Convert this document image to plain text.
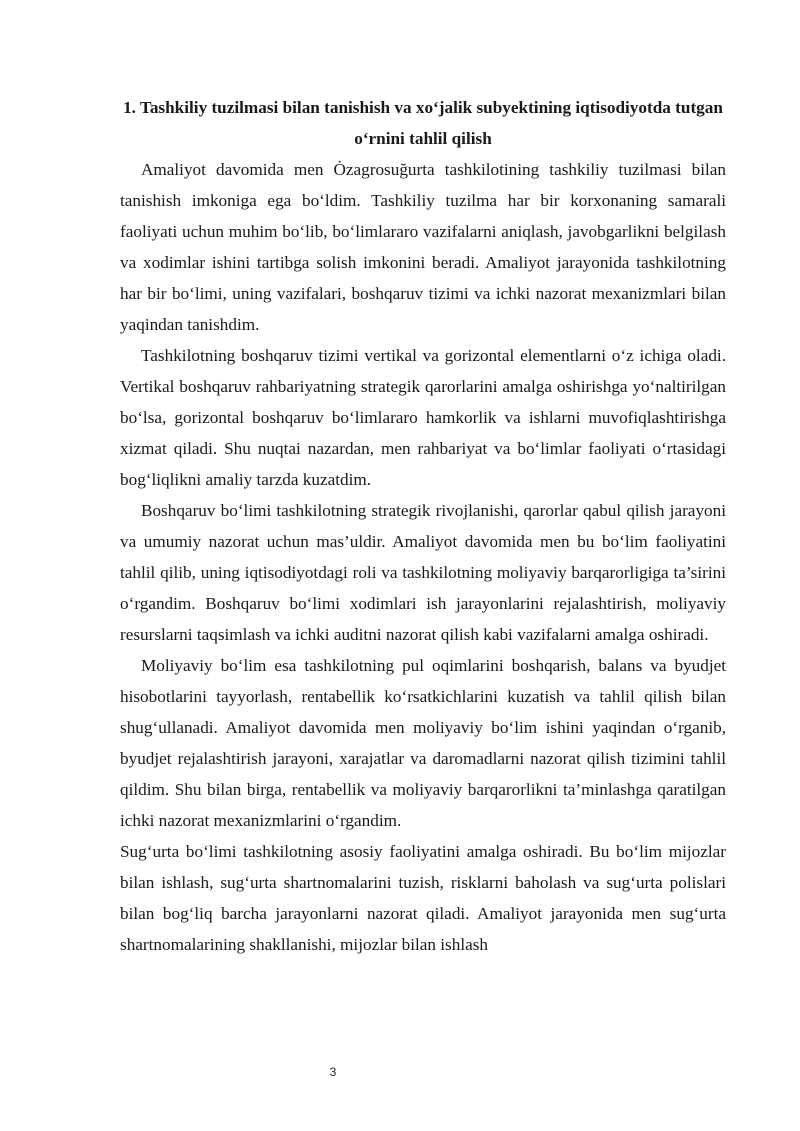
1. Tashkiliy tuzilmasi bilan tanishish va xo‘jalik subyektining iqtisodiyotda tutgan o‘rnini tahlil qilish

Amaliyot davomida men Ȯzagrosuğurta tashkilotining tashkiliy tuzilmasi bilan tanishish imkoniga ega bo‘ldim. Tashkiliy tuzilma har bir korxonaning samarali faoliyati uchun muhim bo‘lib, bo‘limlararo vazifalarni aniqlash, javobgarlikni belgilash va xodimlar ishini tartibga solish imkonini beradi. Amaliyot jarayonida tashkilotning har bir bo‘limi, uning vazifalari, boshqaruv tizimi va ichki nazorat mexanizmlari bilan yaqindan tanishdim.

Tashkilotning boshqaruv tizimi vertikal va gorizontal elementlarni o‘z ichiga oladi. Vertikal boshqaruv rahbariyatning strategik qarorlarini amalga oshirishga yo‘naltirilgan bo‘lsa, gorizontal boshqaruv bo‘limlararo hamkorlik va ishlarni muvofiqlashtirishga xizmat qiladi. Shu nuqtai nazardan, men rahbariyat va bo‘limlar faoliyati o‘rtasidagi bog‘liqlikni amaliy tarzda kuzatdim.

Boshqaruv bo‘limi tashkilotning strategik rivojlanishi, qarorlar qabul qilish jarayoni va umumiy nazorat uchun mas’uldir. Amaliyot davomida men bu bo‘lim faoliyatini tahlil qilib, uning iqtisodiyotdagi roli va tashkilotning moliyaviy barqarorligiga ta’sirini o‘rgandim. Boshqaruv bo‘limi xodimlari ish jarayonlarini rejalashtirish, moliyaviy resurslarni taqsimlash va ichki auditni nazorat qilish kabi vazifalarni amalga oshiradi.

Moliyaviy bo‘lim esa tashkilotning pul oqimlarini boshqarish, balans va byudjet hisobotlarini tayyorlash, rentabellik ko‘rsatkichlarini kuzatish va tahlil qilish bilan shug‘ullanadi. Amaliyot davomida men moliyaviy bo‘lim ishini yaqindan o‘rganib, byudjet rejalashtirish jarayoni, xarajatlar va daromadlarni nazorat qilish tizimini tahlil qildim. Shu bilan birga, rentabellik va moliyaviy barqarorlikni ta’minlashga qaratilgan ichki nazorat mexanizmlarini o‘rgandim.

Sug‘urta bo‘limi tashkilotning asosiy faoliyatini amalga oshiradi. Bu bo‘lim mijozlar bilan ishlash, sug‘urta shartnomalarini tuzish, risklarni baholash va sug‘urta polislari bilan bog‘liq barcha jarayonlarni nazorat qiladi. Amaliyot jarayonida men sug‘urta shartnomalarining shakllanishi, mijozlar bilan ishlash

3
